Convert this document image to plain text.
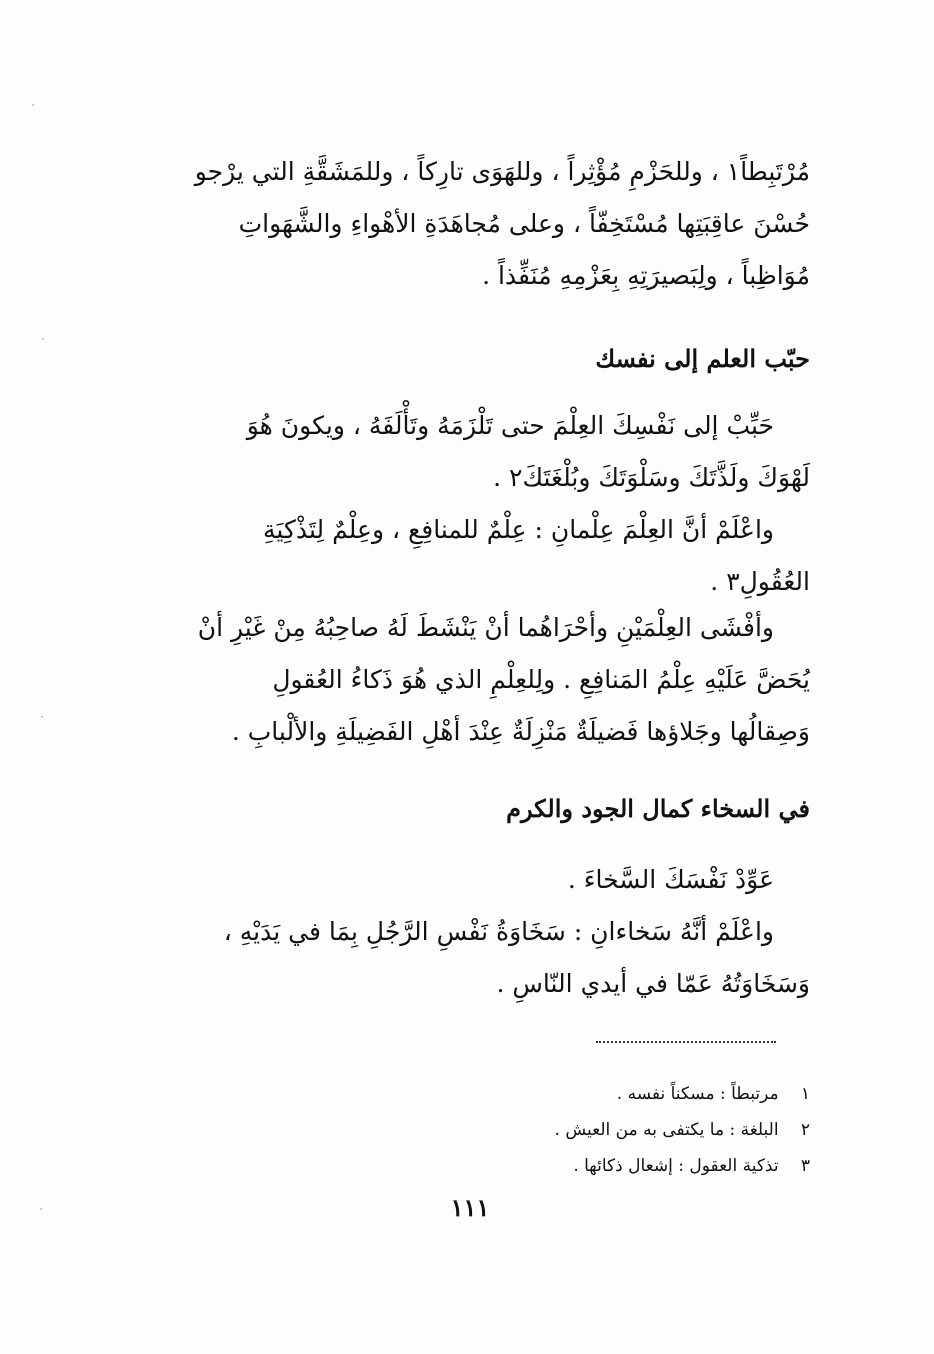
مُرْتَبِطاً١ ، وللحَزْمِ مُؤْثِراً ، وللهَوَى تارِكاً ، وللمَشَقَّةِ التي يرْجو

حُسْنَ عاقِبَتِها مُسْتَخِفّاً ، وعلى مُجاهَدَةِ الأهْواءِ والشَّهَواتِ

مُوَاظِباً ، ولِبَصيرَتِهِ بِعَزْمِهِ مُنَفِّذاً .

حبّب العلم إلى نفسك

حَبِّبْ إلى نَفْسِكَ العِلْمَ حتى تَلْزَمَهُ وتَأْلَفَهُ ، ويكونَ هُوَ

لَهْوَكَ ولَذَّتَكَ وسَلْوَتَكَ وبُلْغَتَكَ٢ .

واعْلَمْ أنَّ العِلْمَ عِلْمانِ : عِلْمٌ للمنافِعِ ، وعِلْمٌ لِتَذْكِيَةِ

العُقُولِ٣ .

وأفْشَى العِلْمَيْنِ وأحْرَاهُما أنْ يَنْشَطَ لَهُ صاحِبُهُ مِنْ غَيْرِ أنْ

يُحَضَّ عَلَيْهِ عِلْمُ المَنافِعِ . ولِلعِلْمِ الذي هُوَ ذَكاءُ العُقولِ

وَصِقالُها وجَلاؤها فَضيلَةٌ مَنْزِلَةٌ عِنْدَ أهْلِ الفَضِيلَةِ والألْبابِ .

في السخاء كمال الجود والكرم

عَوِّدْ نَفْسَكَ السَّخاءَ .

واعْلَمْ أنَّهُ سَخاءانِ : سَخَاوَةُ نَفْسِ الرَّجُلِ بِمَا في يَدَيْهِ ،

وَسَخَاوَتُهُ عَمّا في أيدي النّاسِ .

١ مرتبطاً : مسكناً نفسه .
٢ البلغة : ما يكتفى به من العيش .
٣ تذكية العقول : إشعال ذكائها .
١١١
